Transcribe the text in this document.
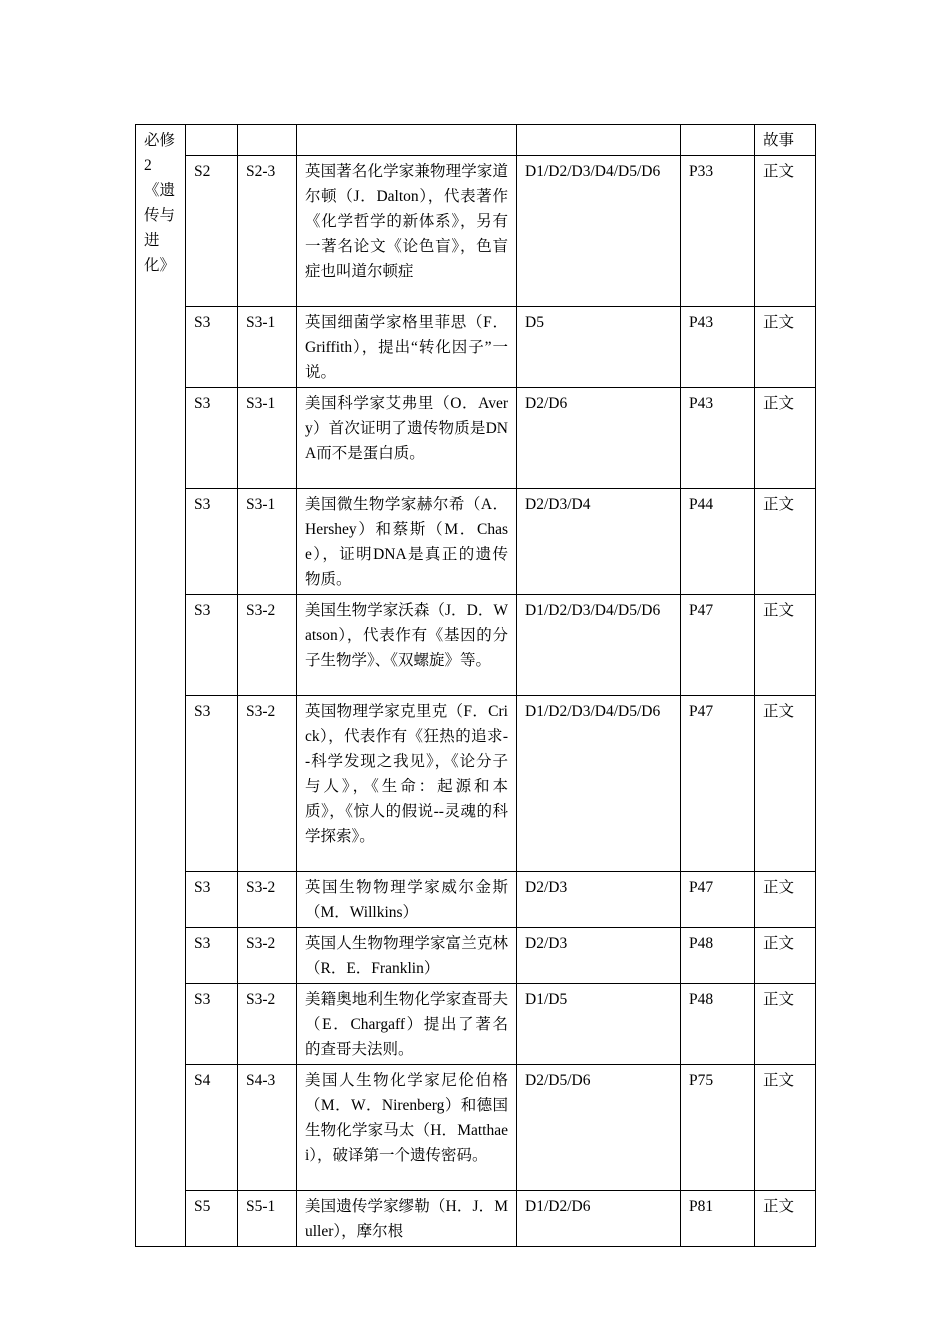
必修2《遗传与进化》						故事
	S2	S2-3	英国著名化学家兼物理学家道尔顿（J．Dalton），代表著作《化学哲学的新体系》，另有一著名论文《论色盲》，色盲症也叫道尔顿症	D1/D2/D3/D4/D5/D6	P33	正文
	S3	S3-1	英国细菌学家格里菲思（F．Griffith），提出“转化因子”一说。	D5	P43	正文
	S3	S3-1	美国科学家艾弗里（O．Avery）首次证明了遗传物质是DNA而不是蛋白质。	D2/D6	P43	正文
	S3	S3-1	美国微生物学家赫尔希（A． Hershey）和蔡斯（M．Chase），证明DNA是真正的遗传物质。	D2/D3/D4	P44	正文
	S3	S3-2	美国生物学家沃森（J．D．Watson），代表作有《基因的分子生物学》、《双螺旋》等。	D1/D2/D3/D4/D5/D6	P47	正文
	S3	S3-2	英国物理学家克里克（F．Crick），代表作有《狂热的追求--科学发现之我见》，《论分子与人》，《生命：起源和本质》，《惊人的假说--灵魂的科学探索》。	D1/D2/D3/D4/D5/D6	P47	正文
	S3	S3-2	英国生物物理学家威尔金斯（M．Willkins）	D2/D3	P47	正文
	S3	S3-2	英国人生物物理学家富兰克林（R．E．Franklin）	D2/D3	P48	正文
	S3	S3-2	美籍奥地利生物化学家查哥夫（E．Chargaff）提出了著名的查哥夫法则。	D1/D5	P48	正文
	S4	S4-3	美国人生物化学家尼伦伯格（M．W．Nirenberg）和德国生物化学家马太（H．Matthaei），破译第一个遗传密码。	D2/D5/D6	P75	正文
	S5	S5-1	美国遗传学家缪勒（H．J．Muller），摩尔根	D1/D2/D6	P81	正文
